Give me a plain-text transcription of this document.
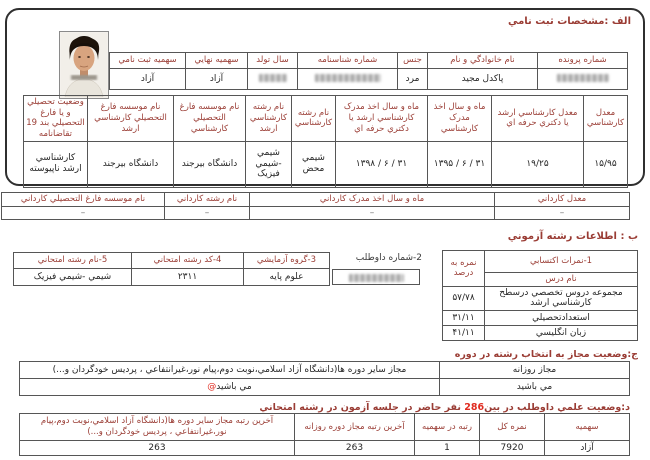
الف :مشخصات ثبت نامي
شماره پرونده	نام خانوادگي و نام	جنس	شماره شناسنامه	سال تولد	سهميه نهايي	سهميه ثبت نامي
	پاکدل مجيد	مرد			آزاد	آزاد
معدل کارشناسي	معدل کارشناسي ارشد يا دکتري حرفه اي	ماه و سال اخذ مدرک کارشناسي	ماه و سال اخذ مدرک کارشناسي ارشد يا دکتري حرفه اي	نام رشته کارشناسي	نام رشته کارشناسي ارشد	نام موسسه فارغ التحصيلي کارشناسي	نام موسسه فارغ التحصيلي کارشناسي ارشد	وضعيت تحصيلي و يا فارغ التحصيلي بند 19 تقاضانامه
۱۵/۹۵	۱۹/۲۵	۳۱ / ۶ / ۱۳۹۵	۳۱ / ۶ / ۱۳۹۸	شيمي محض	شيمي -شيمي فيزيک	دانشگاه بيرجند	دانشگاه بيرجند	کارشناسي ارشد ناپيوسته
معدل کارداني	ماه و سال اخذ مدرک کارداني	نام رشته کارداني	نام موسسه فارغ التحصيلي کارداني
–	–	–	–
ب : اطلاعات رشته آزموني
1-نمرات اکتسابي	نمره به درصد
نام درس	
مجموعه دروس تخصصي درسطح کارشناسي ارشد	۵۷/۷۸
استعدادتحصيلي	۳۱/۱۱
زبان انگليسي	۴۱/۱۱
2-شماره داوطلب
3-گروه آزمايشي	4-کد رشته امتحاني	5-نام رشته امتحاني
علوم پايه	۲۳۱۱	شيمي -شيمي فيزيک
ج:وضعيت مجاز به انتخاب رشته در دوره
مجاز روزانه	مجاز ساير دوره ها(دانشگاه آزاد اسلامي،نوبت دوم،پيام نور،غيرانتفاعي ، پرديس خودگردان و...)
مي باشيد	مي باشيد@
د:وضعيت علمي داوطلب در بين286 نفر حاضر در جلسه آزمون در رشته امتحاني
سهميه	نمره کل	رتبه در سهميه	آخرين رتبه مجاز دوره روزانه	آخرين رتبه مجاز ساير دوره ها(دانشگاه آزاد اسلامي،نوبت دوم،پيام نور،غيرانتفاعي ، پرديس خودگردان و...)
آزاد	7920	1	263	263
